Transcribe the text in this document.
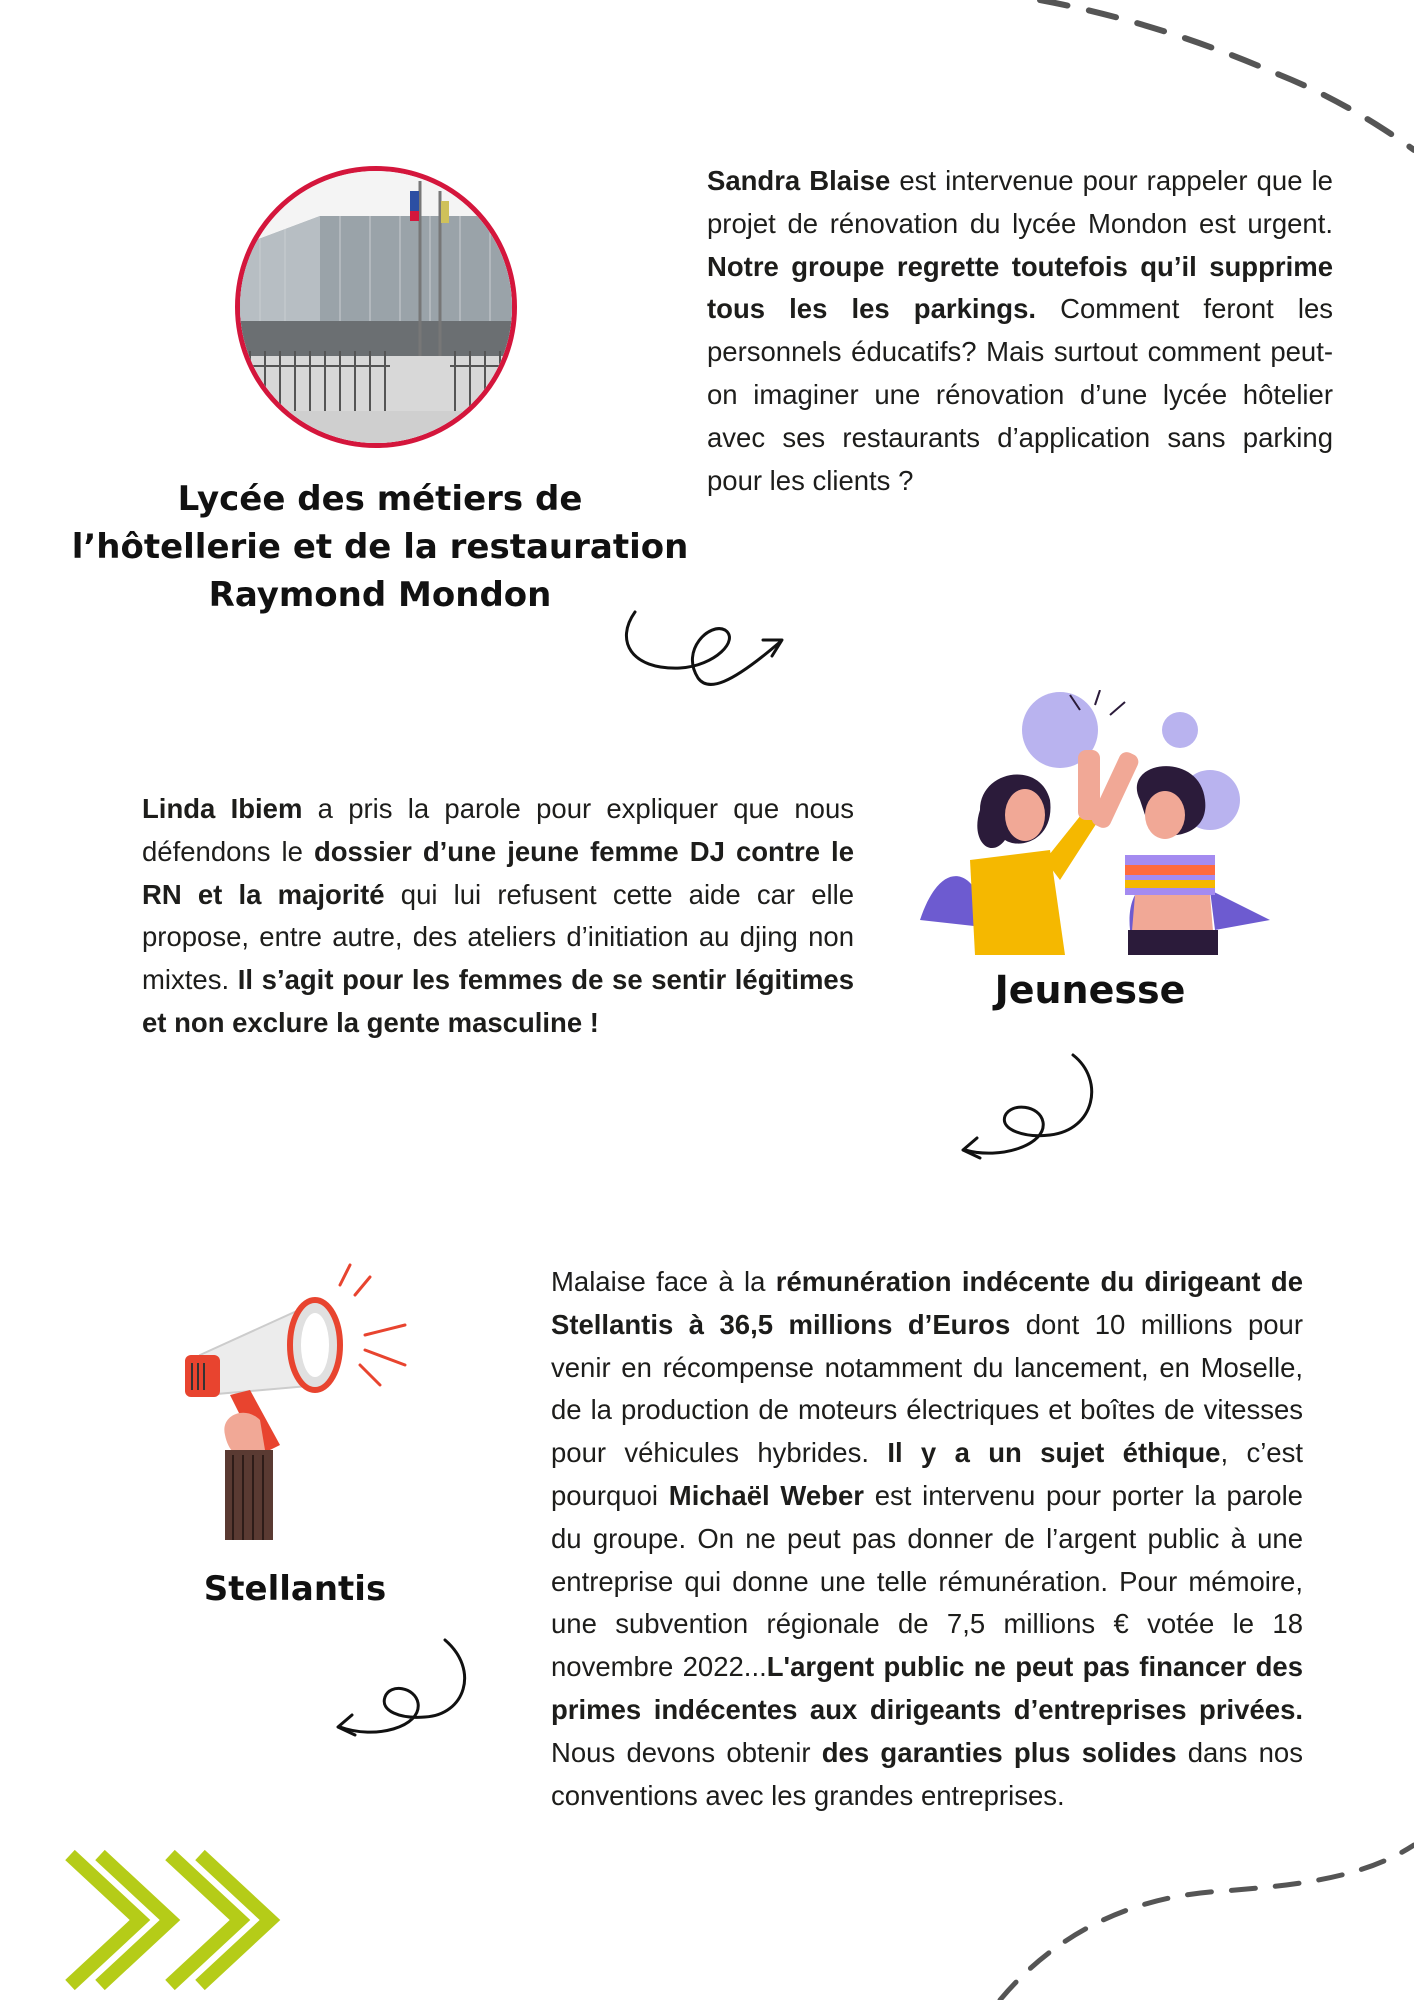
Lycée des métiers de
l’hôtellerie et de la restauration
Raymond Mondon

Sandra Blaise est intervenue pour rappeler que le projet de rénovation du lycée Mondon est urgent. Notre groupe regrette toutefois qu’il supprime tous les les parkings. Comment feront les personnels éducatifs? Mais surtout comment peut-on imaginer une rénovation d’une lycée hôtelier avec ses restaurants d’application sans parking pour les clients ?

Linda Ibiem a pris la parole pour expliquer que nous défendons le dossier d’une jeune femme DJ contre le RN et la majorité qui lui refusent cette aide car elle propose, entre autre, des ateliers d’initiation au djing non mixtes. Il s’agit pour les femmes de se sentir légitimes et non exclure la gente masculine !

Jeunesse
Stellantis

Malaise face à la rémunération indécente du dirigeant de Stellantis à 36,5 millions d’Euros dont 10 millions pour venir en récompense notamment du lancement, en Moselle, de la production de moteurs électriques et boîtes de vitesses pour véhicules hybrides. Il y a un sujet éthique, c’est pourquoi Michaël Weber est intervenu pour porter la parole du groupe. On ne peut pas donner de l’argent public à une entreprise qui donne une telle rémunération. Pour mémoire, une subvention régionale de 7,5 millions € votée le 18 novembre 2022...L'argent public ne peut pas financer des primes indécentes aux dirigeants d’entreprises privées. Nous devons obtenir des garanties plus solides dans nos conventions avec les grandes entreprises.
